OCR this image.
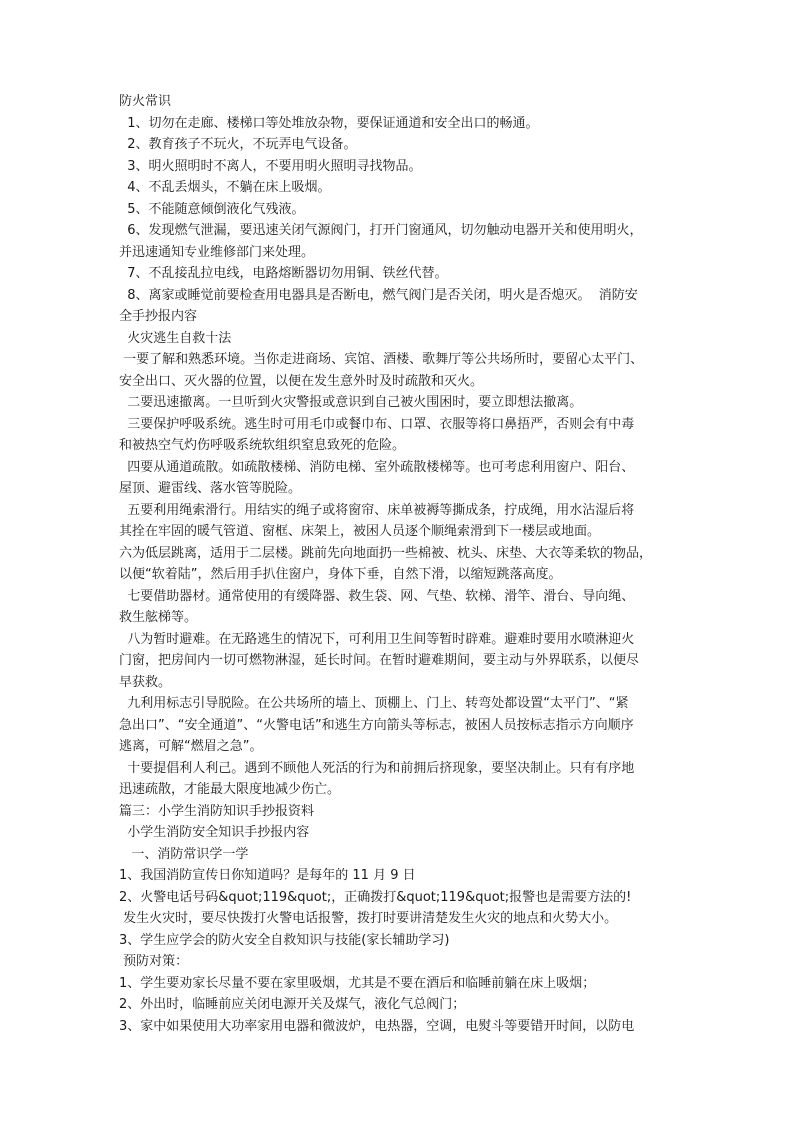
防火常识
1、切勿在走廊、楼梯口等处堆放杂物，要保证通道和安全出口的畅通。
2、教育孩子不玩火，不玩弄电气设备。
3、明火照明时不离人，不要用明火照明寻找物品。
4、不乱丢烟头，不躺在床上吸烟。
5、不能随意倾倒液化气残液。
6、发现燃气泄漏，要迅速关闭气源阀门，打开门窗通风，切勿触动电器开关和使用明火，
并迅速通知专业维修部门来处理。
7、不乱接乱拉电线，电路熔断器切勿用铜、铁丝代替。
8、离家或睡觉前要检查用电器具是否断电，燃气阀门是否关闭，明火是否熄灭。  消防安
全手抄报内容
火灾逃生自救十法
一要了解和熟悉环境。当你走进商场、宾馆、酒楼、歌舞厅等公共场所时，要留心太平门、
安全出口、灭火器的位置，以便在发生意外时及时疏散和灭火。
二要迅速撤离。一旦听到火灾警报或意识到自己被火围困时，要立即想法撤离。
三要保护呼吸系统。逃生时可用毛巾或餐巾布、口罩、衣服等将口鼻捂严，否则会有中毒
和被热空气灼伤呼吸系统软组织窒息致死的危险。
四要从通道疏散。如疏散楼梯、消防电梯、室外疏散楼梯等。也可考虑利用窗户、阳台、
屋顶、避雷线、落水管等脱险。
五要利用绳索滑行。用结实的绳子或将窗帘、床单被褥等撕成条，拧成绳，用水沾湿后将
其拴在牢固的暖气管道、窗框、床架上，被困人员逐个顺绳索滑到下一楼层或地面。
六为低层跳离，适用于二层楼。跳前先向地面扔一些棉被、枕头、床垫、大衣等柔软的物品，
以便“软着陆”，然后用手扒住窗户，身体下垂，自然下滑，以缩短跳落高度。
七要借助器材。通常使用的有缓降器、救生袋、网、气垫、软梯、滑竿、滑台、导向绳、
救生舷梯等。
八为暂时避难。在无路逃生的情况下，可利用卫生间等暂时辟难。避难时要用水喷淋迎火
门窗，把房间内一切可燃物淋湿，延长时间。在暂时避难期间，要主动与外界联系，以便尽
早获救。
九利用标志引导脱险。在公共场所的墙上、顶棚上、门上、转弯处都设置“太平门”、“紧
急出口”、“安全通道”、“火警电话”和逃生方向箭头等标志，被困人员按标志指示方向顺序
逃离，可解“燃眉之急”。
十要提倡利人利己。遇到不顾他人死活的行为和前拥后挤现象，要坚决制止。只有有序地
迅速疏散，才能最大限度地减少伤亡。
篇三：小学生消防知识手抄报资料
小学生消防安全知识手抄报内容
一、消防常识学一学
1、我国消防宣传日你知道吗？是每年的 11 月 9 日
2、火警电话号码&quot;119&quot;，正确拨打&quot;119&quot;报警也是需要方法的!
发生火灾时，要尽快拨打火警电话报警，拨打时要讲清楚发生火灾的地点和火势大小。
3、学生应学会的防火安全自救知识与技能(家长辅助学习)
预防对策：
1、学生要劝家长尽量不要在家里吸烟，尤其是不要在酒后和临睡前躺在床上吸烟；
2、外出时，临睡前应关闭电源开关及煤气，液化气总阀门；
3、家中如果使用大功率家用电器和微波炉，电热器，空调，电熨斗等要错开时间，以防电
